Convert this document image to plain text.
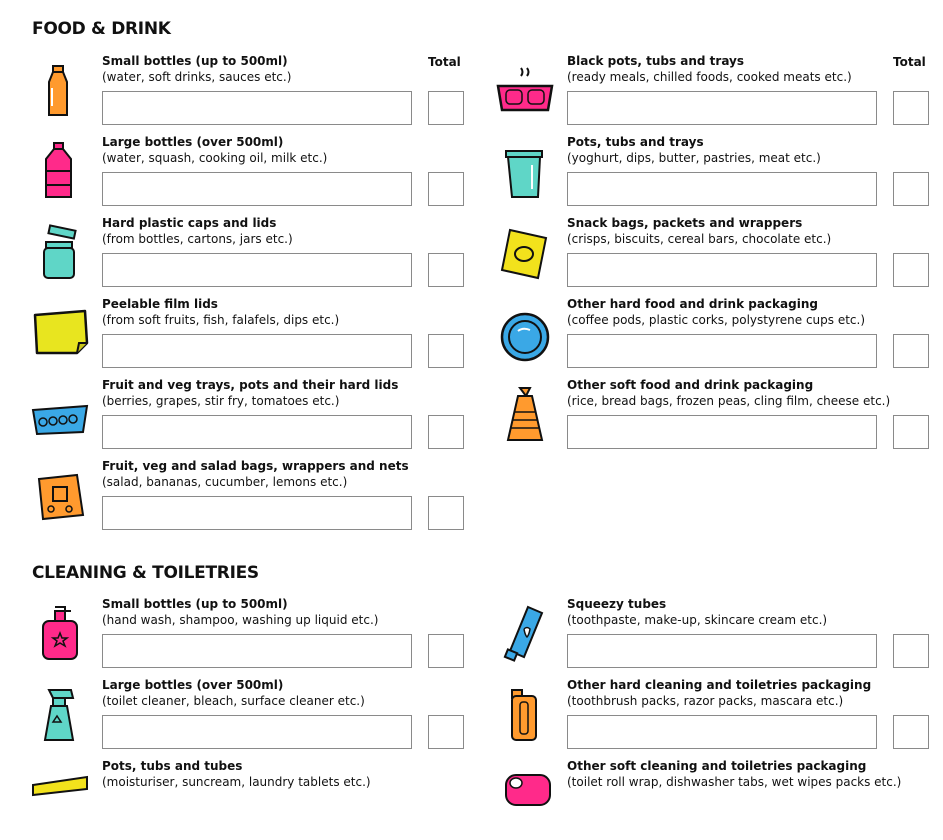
FOOD & DRINK
CLEANING & TOILETRIES
Total	Total
Small bottles (up to 500ml)
(water, soft drinks, sauces etc.)
Large bottles (over 500ml)
(water, squash, cooking oil, milk etc.)
Hard plastic caps and lids
(from bottles, cartons, jars etc.)
Peelable film lids
(from soft fruits, fish, falafels, dips etc.)
Fruit and veg trays, pots and their hard lids
(berries, grapes, stir fry, tomatoes etc.)
Fruit, veg and salad bags, wrappers and nets
(salad, bananas, cucumber, lemons etc.)
Black pots, tubs and trays
(ready meals, chilled foods, cooked meats etc.)
Pots, tubs and trays
(yoghurt, dips, butter, pastries, meat etc.)
Snack bags, packets and wrappers
(crisps, biscuits, cereal bars, chocolate etc.)
Other hard food and drink packaging
(coffee pods, plastic corks, polystyrene cups etc.)
Other soft food and drink packaging
(rice, bread bags, frozen peas, cling film, cheese etc.)
Small bottles (up to 500ml)
(hand wash, shampoo, washing up liquid etc.)
Large bottles (over 500ml)
(toilet cleaner, bleach, surface cleaner etc.)
Pots, tubs and tubes
(moisturiser, suncream, laundry tablets etc.)
Squeezy tubes
(toothpaste, make-up, skincare cream etc.)
Other hard cleaning and toiletries packaging
(toothbrush packs, razor packs, mascara etc.)
Other soft cleaning and toiletries packaging
(toilet roll wrap, dishwasher tabs, wet wipes packs etc.)
